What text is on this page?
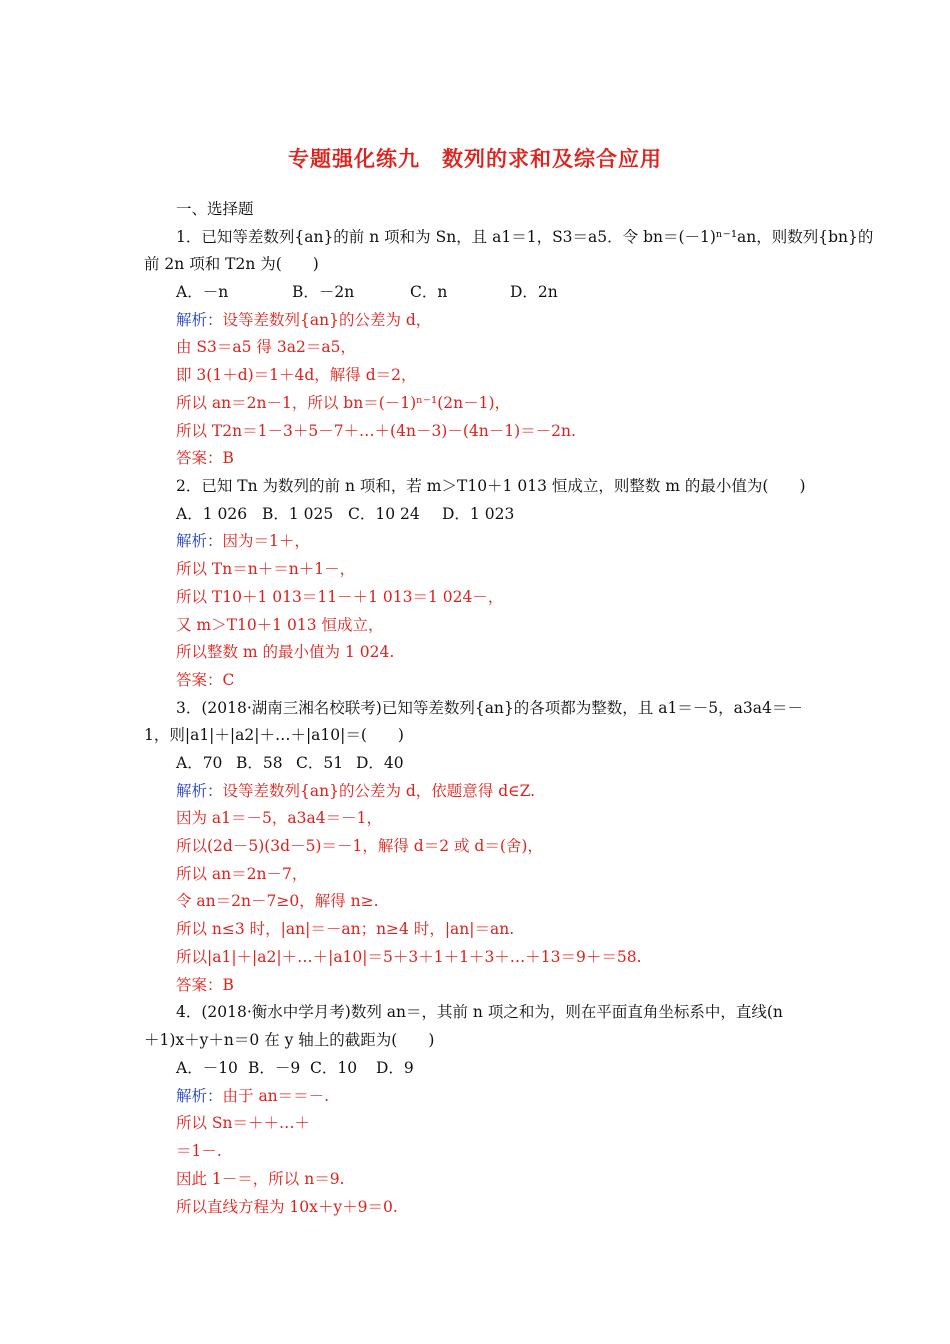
专题强化练九　数列的求和及综合应用
一、选择题
1．已知等差数列{an}的前 n 项和为 Sn，且 a1＝1，S3＝a5．令 bn＝(－1)ⁿ⁻¹an，则数列{bn}的
前 2n 项和 T2n 为(　　)
A．－n	B．－2n	C．n	D．2n
解析：设等差数列{an}的公差为 d，
由 S3＝a5 得 3a2＝a5，
即 3(1＋d)＝1＋4d，解得 d＝2，
所以 an＝2n－1，所以 bn＝(－1)ⁿ⁻¹(2n－1)，
所以 T2n＝1－3＋5－7＋…＋(4n－3)－(4n－1)＝－2n.
答案：B
2．已知 Tn 为数列的前 n 项和，若 m＞T10＋1 013 恒成立，则整数 m 的最小值为(　　)
A．1 026 B．1 025 C．10 24 D．1 023
解析：因为＝1＋，
所以 Tn＝n＋＝n＋1－，
所以 T10＋1 013＝11－＋1 013＝1 024－，
又 m＞T10＋1 013 恒成立，
所以整数 m 的最小值为 1 024.
答案：C
3．(2018·湖南三湘名校联考)已知等差数列{an}的各项都为整数，且 a1＝－5，a3a4＝－
1，则|a1|＋|a2|＋…＋|a10|＝(　　)
A．70 B．58 C．51 D．40
解析：设等差数列{an}的公差为 d，依题意得 d∈Z.
因为 a1＝－5，a3a4＝－1，
所以(2d－5)(3d－5)＝－1，解得 d＝2 或 d＝(舍)，
所以 an＝2n－7，
令 an＝2n－7≥0，解得 n≥.
所以 n≤3 时，|an|＝－an；n≥4 时，|an|＝an.
所以|a1|＋|a2|＋…＋|a10|＝5＋3＋1＋1＋3＋…＋13＝9＋＝58.
答案：B
4．(2018·衡水中学月考)数列 an＝，其前 n 项之和为，则在平面直角坐标系中，直线(n
＋1)x＋y＋n＝0 在 y 轴上的截距为(　　)
A．－10 B．－9 C．10 D．9
解析：由于 an＝＝－.
所以 Sn＝＋＋…＋
＝1－.
因此 1－＝，所以 n＝9.
所以直线方程为 10x＋y＋9＝0.
